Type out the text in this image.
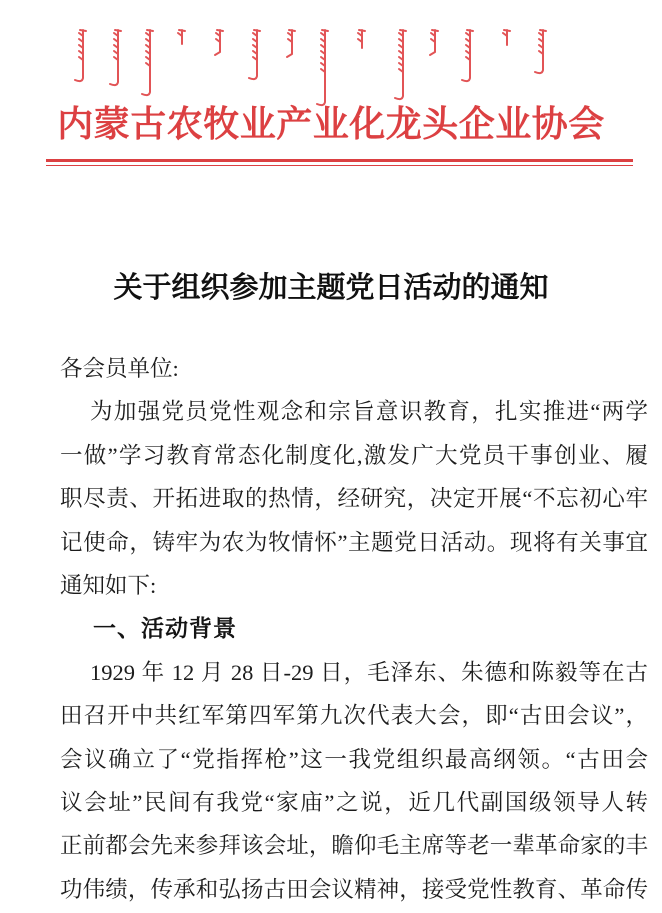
内蒙古农牧业产业化龙头企业协会
关于组织参加主题党日活动的通知
各会员单位:
为加强党员党性观念和宗旨意识教育，扎实推进“两学
一做”学习教育常态化制度化,激发广大党员干事创业、履
职尽责、开拓进取的热情，经研究，决定开展“不忘初心牢
记使命，铸牢为农为牧情怀”主题党日活动。现将有关事宜
通知如下:
一、活动背景
1929 年 12 月 28 日-29 日，毛泽东、朱德和陈毅等在古
田召开中共红军第四军第九次代表大会，即“古田会议”，
会议确立了“党指挥枪”这一我党组织最高纲领。“古田会
议会址”民间有我党“家庙”之说，近几代副国级领导人转
正前都会先来参拜该会址，瞻仰毛主席等老一辈革命家的丰
功伟绩，传承和弘扬古田会议精神，接受党性教育、革命传
